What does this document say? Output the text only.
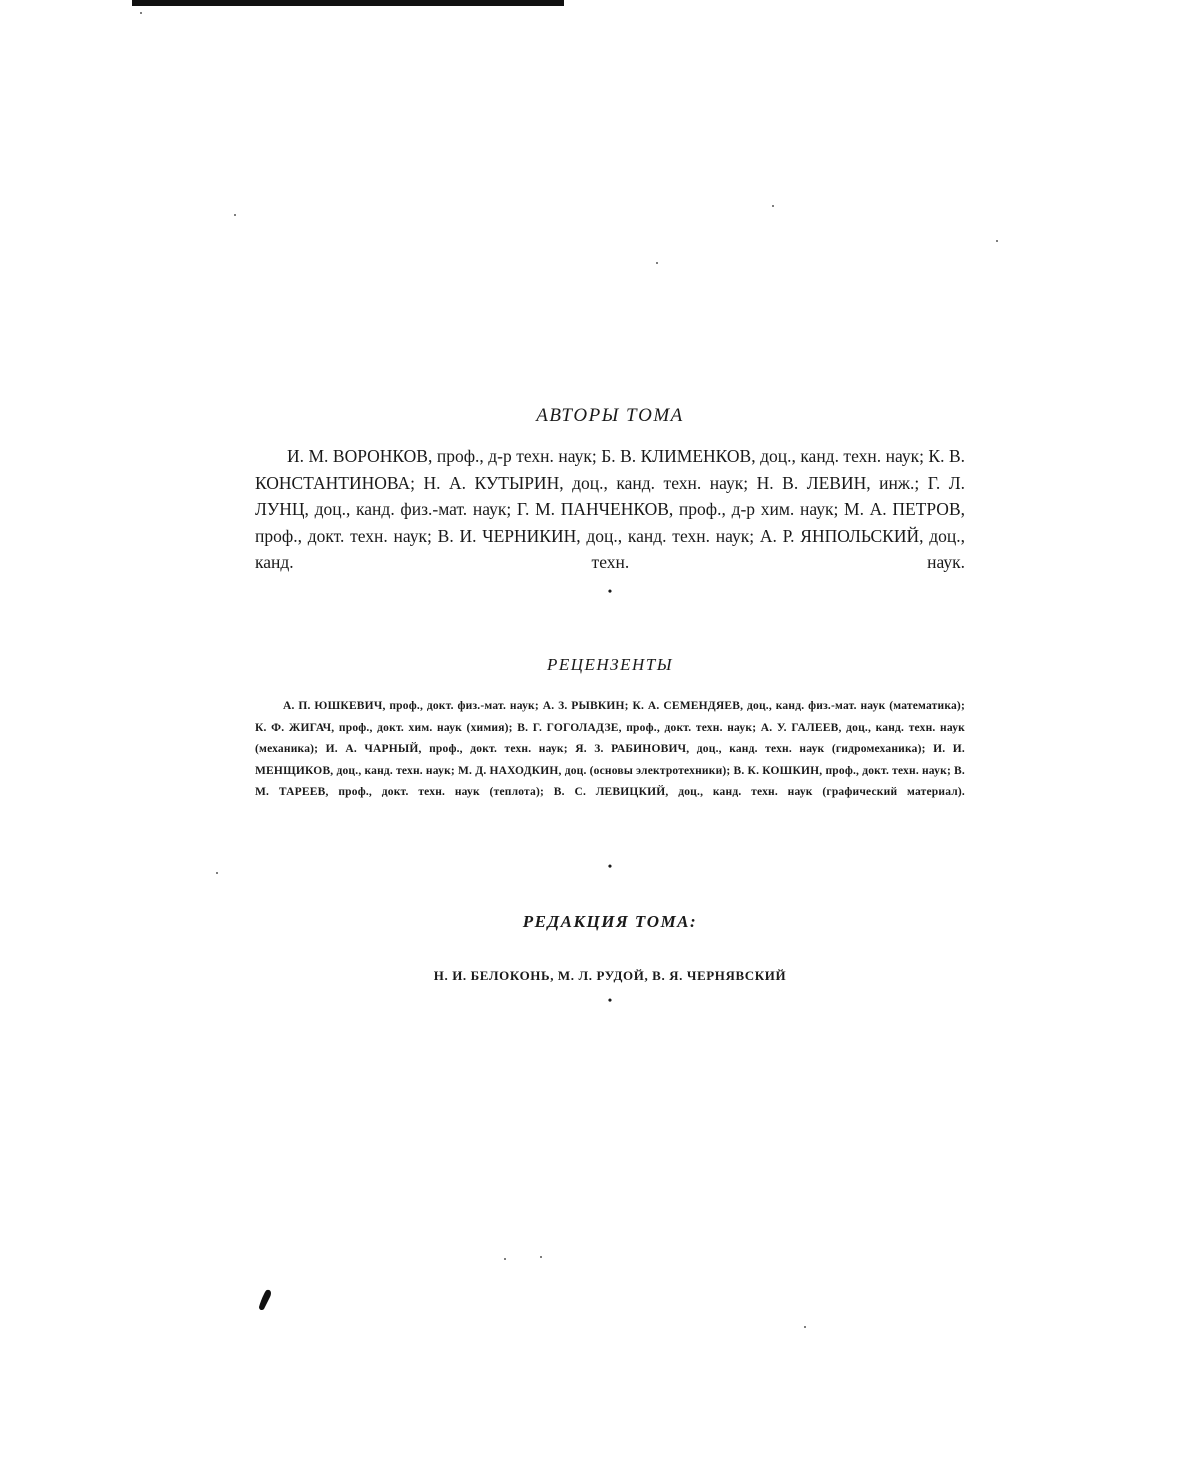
АВТОРЫ ТОМА

И. М. ВОРОНКОВ, проф., д-р техн. наук; Б. В. КЛИМЕНКОВ, доц., канд. техн. наук; К. В. КОНСТАНТИНОВА; Н. А. КУТЫРИН, доц., канд. техн. наук; Н. В. ЛЕВИН, инж.; Г. Л. ЛУНЦ, доц., канд. физ.-мат. наук; Г. М. ПАНЧЕНКОВ, проф., д-р хим. наук; М. А. ПЕТРОВ, проф., докт. техн. наук; В. И. ЧЕРНИКИН, доц., канд. техн. наук; А. Р. ЯНПОЛЬСКИЙ, доц., канд. техн. наук.

•
РЕЦЕНЗЕНТЫ

А. П. ЮШКЕВИЧ, проф., докт. физ.-мат. наук; А. З. РЫВКИН; К. А. СЕМЕНДЯЕВ, доц., канд. физ.-мат. наук (математика); К. Ф. ЖИГАЧ, проф., докт. хим. наук (химия); В. Г. ГОГОЛАДЗЕ, проф., докт. техн. наук; А. У. ГАЛЕЕВ, доц., канд. техн. наук (механика); И. А. ЧАРНЫЙ, проф., докт. техн. наук; Я. З. РАБИНОВИЧ, доц., канд. техн. наук (гидромеханика); И. И. МЕНЩИКОВ, доц., канд. техн. наук; М. Д. НАХОДКИН, доц. (основы электротехники); В. К. КОШКИН, проф., докт. техн. наук; В. М. ТАРЕЕВ, проф., докт. техн. наук (теплота); В. С. ЛЕВИЦКИЙ, доц., канд. техн. наук (графический материал).

•
РЕДАКЦИЯ ТОМА:

Н. И. БЕЛОКОНЬ, М. Л. РУДОЙ, В. Я. ЧЕРНЯВСКИЙ

•
